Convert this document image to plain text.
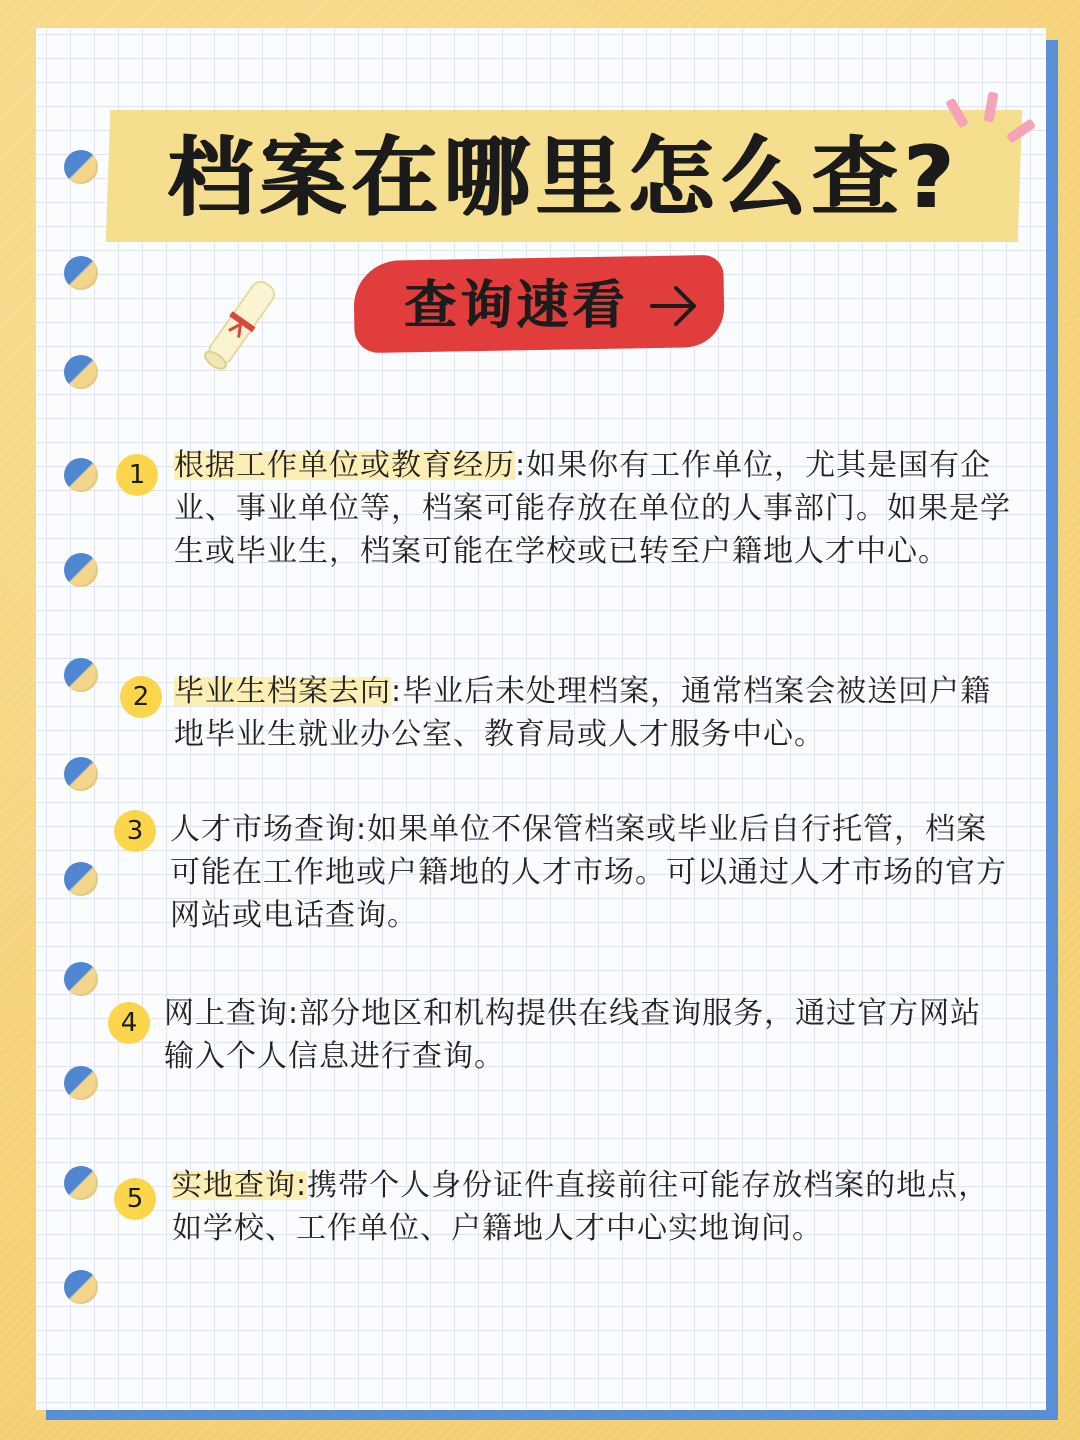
档案在哪里怎么查?
查询速看
1 根据工作单位或教育经历:如果你有工作单位，尤其是国有企业、事业单位等，档案可能存放在单位的人事部门。如果是学生或毕业生，档案可能在学校或已转至户籍地人才中心。

2 毕业生档案去向:毕业后未处理档案，通常档案会被送回户籍地毕业生就业办公室、教育局或人才服务中心。

3 人才市场查询:如果单位不保管档案或毕业后自行托管，档案可能在工作地或户籍地的人才市场。可以通过人才市场的官方网站或电话查询。

4 网上查询:部分地区和机构提供在线查询服务，通过官方网站输入个人信息进行查询。

5 实地查询:携带个人身份证件直接前往可能存放档案的地点，如学校、工作单位、户籍地人才中心实地询问。
